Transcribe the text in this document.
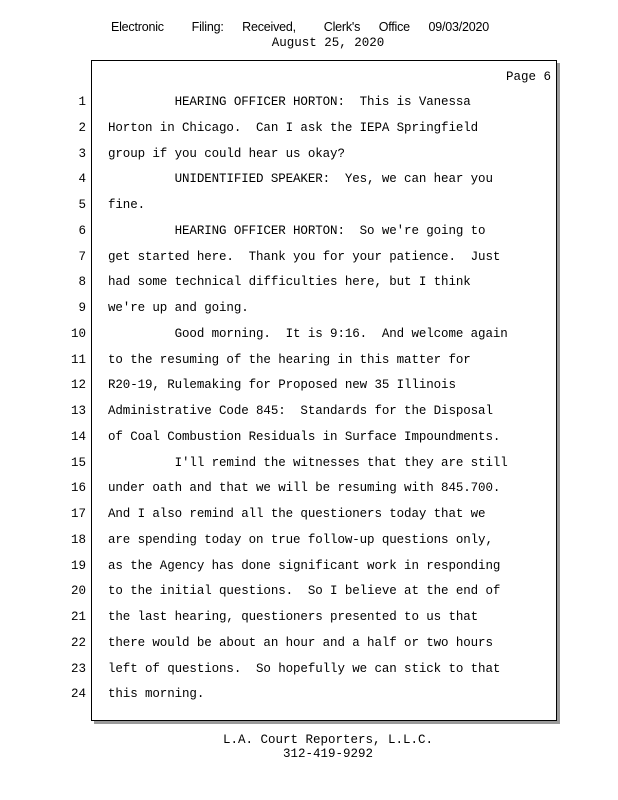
Electronic   Filing:  Received,   Clerk's  Office  09/03/2020
August 25, 2020
Page 6
1 HEARING OFFICER HORTON:  This is Vanessa
2 Horton in Chicago.  Can I ask the IEPA Springfield
3 group if you could hear us okay?
4 UNIDENTIFIED SPEAKER:  Yes, we can hear you
5 fine.
6 HEARING OFFICER HORTON:  So we're going to
7 get started here.  Thank you for your patience.  Just
8 had some technical difficulties here, but I think
9 we're up and going.
10 Good morning.  It is 9:16.  And welcome again
11 to the resuming of the hearing in this matter for
12 R20-19, Rulemaking for Proposed new 35 Illinois
13 Administrative Code 845:  Standards for the Disposal
14 of Coal Combustion Residuals in Surface Impoundments.
15 I'll remind the witnesses that they are still
16 under oath and that we will be resuming with 845.700.
17 And I also remind all the questioners today that we
18 are spending today on true follow-up questions only,
19 as the Agency has done significant work in responding
20 to the initial questions.  So I believe at the end of
21 the last hearing, questioners presented to us that
22 there would be about an hour and a half or two hours
23 left of questions.  So hopefully we can stick to that
24 this morning.
L.A. Court Reporters, L.L.C.
312-419-9292
